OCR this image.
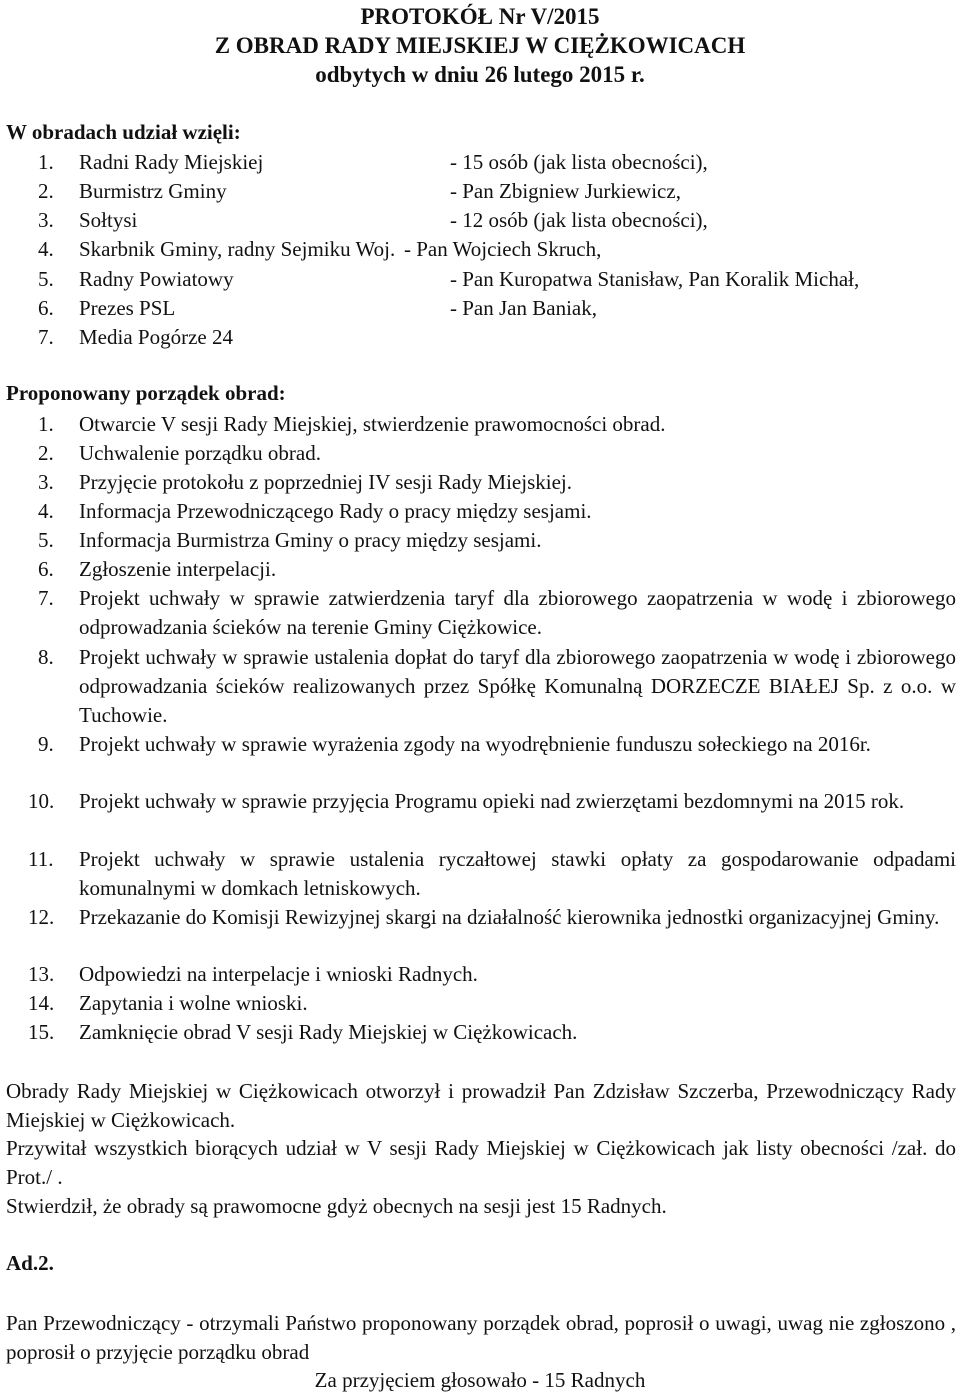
PROTOKÓŁ Nr V/2015
Z OBRAD RADY MIEJSKIEJ W CIĘŻKOWICACH
odbytych w dniu 26 lutego 2015 r.
W obradach udział wzięli:
1. Radni Rady Miejskiej	- 15 osób (jak lista obecności),
2. Burmistrz Gminy	- Pan Zbigniew Jurkiewicz,
3. Sołtysi	- 12 osób (jak lista obecności),
4. Skarbnik Gminy, radny Sejmiku Woj. - Pan Wojciech Skruch,
5. Radny Powiatowy	- Pan Kuropatwa Stanisław, Pan Koralik Michał,
6. Prezes PSL	- Pan Jan Baniak,
7. Media Pogórze 24
Proponowany porządek obrad:
1. Otwarcie V sesji Rady Miejskiej, stwierdzenie prawomocności obrad.
2. Uchwalenie porządku obrad.
3. Przyjęcie protokołu z poprzedniej IV sesji Rady Miejskiej.
4. Informacja Przewodniczącego Rady o pracy między sesjami.
5. Informacja Burmistrza Gminy o pracy między sesjami.
6. Zgłoszenie interpelacji.
7. Projekt uchwały w sprawie zatwierdzenia taryf dla zbiorowego zaopatrzenia w wodę i zbiorowego odprowadzania ścieków na terenie Gminy Ciężkowice.
8. Projekt uchwały w sprawie ustalenia dopłat do taryf dla zbiorowego zaopatrzenia w wodę i zbiorowego odprowadzania ścieków realizowanych przez Spółkę Komunalną DORZECZE BIAŁEJ Sp. z o.o. w Tuchowie.
9. Projekt uchwały w sprawie wyrażenia zgody na wyodrębnienie funduszu sołeckiego na 2016r.
10. Projekt uchwały w sprawie przyjęcia Programu opieki nad zwierzętami bezdomnymi na 2015 rok.
11. Projekt uchwały w sprawie ustalenia ryczałtowej stawki opłaty za gospodarowanie odpadami komunalnymi w domkach letniskowych.
12. Przekazanie do Komisji Rewizyjnej skargi na działalność kierownika jednostki organizacyjnej Gminy.
13. Odpowiedzi na interpelacje i wnioski Radnych.
14. Zapytania i wolne wnioski.
15. Zamknięcie obrad V sesji Rady Miejskiej w Ciężkowicach.
Obrady Rady Miejskiej w Ciężkowicach otworzył i prowadził Pan Zdzisław Szczerba, Przewodniczący Rady Miejskiej w Ciężkowicach.
Przywitał wszystkich biorących udział w V sesji Rady Miejskiej w Ciężkowicach jak listy obecności /zał. do Prot./ .
Stwierdził, że obrady są prawomocne gdyż obecnych na sesji jest 15 Radnych.
Ad.2.
Pan Przewodniczący - otrzymali Państwo proponowany porządek obrad, poprosił o uwagi, uwag nie zgłoszono , poprosił o przyjęcie porządku obrad
Za przyjęciem głosowało - 15 Radnych
